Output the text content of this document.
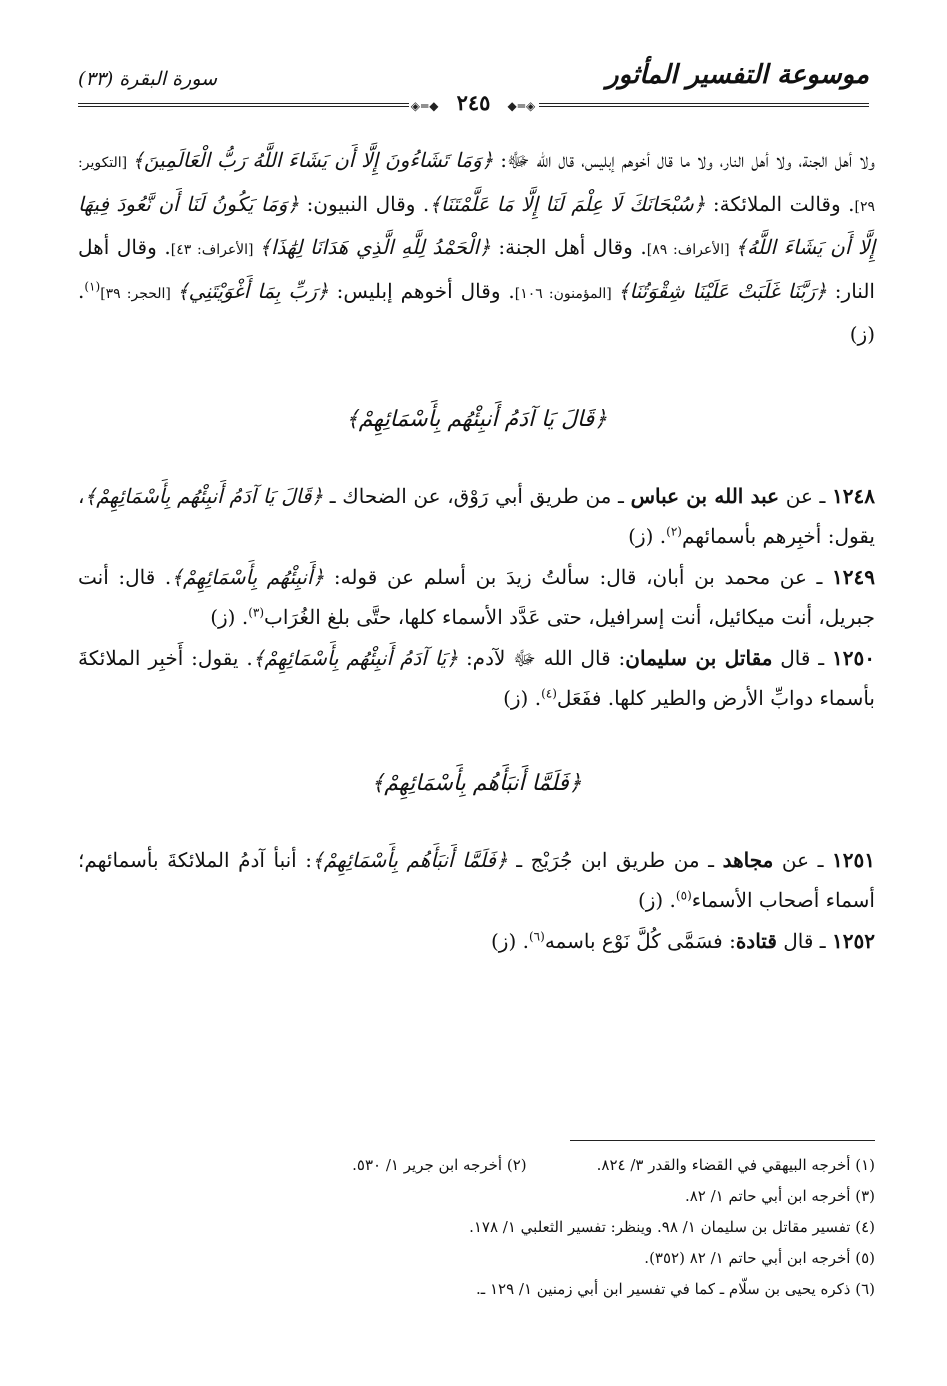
موسوعة التفسير المأثور
سورة البقرة (٣٣)
◈═◆ ٢٤٥ ◆═◈

ولا أهل الجنة، ولا أهل النار، ولا ما قال أخوهم إبليس، قال الله ﷻ: ﴿وَمَا تَشَاءُونَ إِلَّا أَن يَشَاءَ اللَّهُ رَبُّ الْعَالَمِينَ﴾ [التكوير: ٢٩]. وقالت الملائكة: ﴿سُبْحَانَكَ لَا عِلْمَ لَنَا إِلَّا مَا عَلَّمْتَنَا﴾. وقال النبيون: ﴿وَمَا يَكُونُ لَنَا أَن نَّعُودَ فِيهَا إِلَّا أَن يَشَاءَ اللَّهُ﴾ [الأعراف: ٨٩]. وقال أهل الجنة: ﴿الْحَمْدُ لِلَّهِ الَّذِي هَدَانَا لِهَٰذَا﴾ [الأعراف: ٤٣]. وقال أهل النار: ﴿رَبَّنَا غَلَبَتْ عَلَيْنَا شِقْوَتُنَا﴾ [المؤمنون: ١٠٦]. وقال أخوهم إبليس: ﴿رَبِّ بِمَا أَغْوَيْتَنِي﴾ [الحجر: ٣٩]$^{(١)}$. (ز)

﴿قَالَ يَا آدَمُ أَنبِئْهُم بِأَسْمَائِهِمْ﴾

١٢٤٨ ـ عن عبد الله بن عباس ـ من طريق أبي رَوْق، عن الضحاك ـ ﴿قَالَ يَا آدَمُ أَنبِئْهُم بِأَسْمَائِهِمْ﴾، يقول: أخبِرهم بأسمائهم$^{(٢)}$. (ز)

١٢٤٩ ـ عن محمد بن أبان، قال: سألتُ زيدَ بن أسلم عن قوله: ﴿أَنبِئْهُم بِأَسْمَائِهِمْ﴾. قال: أنت جبريل، أنت ميكائيل، أنت إسرافيل، حتى عَدَّد الأسماء كلها، حتَّى بلغ الغُرَاب$^{(٣)}$. (ز)

١٢٥٠ ـ قال مقاتل بن سليمان: قال الله ﷻ لآدم: ﴿يَا آدَمُ أَنبِئْهُم بِأَسْمَائِهِمْ﴾. يقول: أَخبِر الملائكةَ بأسماء دوابِّ الأرض والطير كلها. ففَعَل$^{(٤)}$. (ز)

﴿فَلَمَّا أَنبَأَهُم بِأَسْمَائِهِمْ﴾

١٢٥١ ـ عن مجاهد ـ من طريق ابن جُرَيْج ـ ﴿فَلَمَّا أَنبَأَهُم بِأَسْمَائِهِمْ﴾: أنبأ آدمُ الملائكةَ بأسمائهم؛ أسماء أصحاب الأسماء$^{(٥)}$. (ز)

١٢٥٢ ـ قال قتادة: فسَمَّى كُلَّ نَوْع باسمه$^{(٦)}$. (ز)

(١) أخرجه البيهقي في القضاء والقدر ٣/ ٨٢٤.(٢) أخرجه ابن جرير ١/ ٥٣٠.
(٣) أخرجه ابن أبي حاتم ١/ ٨٢.
(٤) تفسير مقاتل بن سليمان ١/ ٩٨. وينظر: تفسير الثعلبي ١/ ١٧٨.
(٥) أخرجه ابن أبي حاتم ١/ ٨٢ (٣٥٢).
(٦) ذكره يحيى بن سلّام ـ كما في تفسير ابن أبي زمنين ١/ ١٢٩ ـ.
